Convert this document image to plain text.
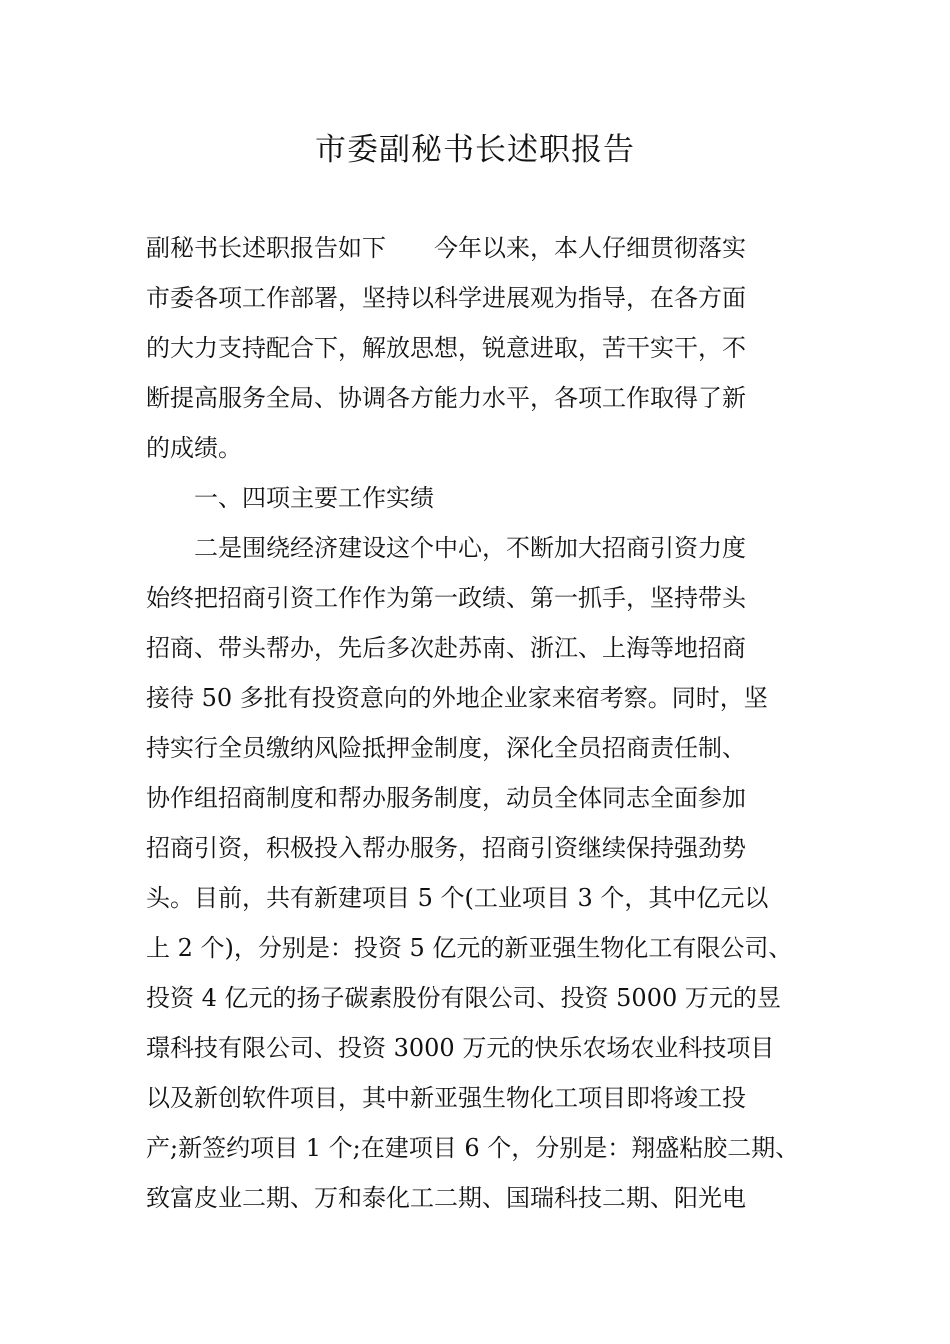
市委副秘书长述职报告
副秘书长述职报告如下　　今年以来，本人仔细贯彻落实
市委各项工作部署，坚持以科学进展观为指导，在各方面
的大力支持配合下，解放思想，锐意进取，苦干实干，不
断提高服务全局、协调各方能力水平，各项工作取得了新
的成绩。
　　一、四项主要工作实绩
　　二是围绕经济建设这个中心，不断加大招商引资力度
始终把招商引资工作作为第一政绩、第一抓手，坚持带头
招商、带头帮办，先后多次赴苏南、浙江、上海等地招商
接待 50 多批有投资意向的外地企业家来宿考察。同时，坚
持实行全员缴纳风险抵押金制度，深化全员招商责任制、
协作组招商制度和帮办服务制度，动员全体同志全面参加
招商引资，积极投入帮办服务，招商引资继续保持强劲势
头。目前，共有新建项目 5 个(工业项目 3 个，其中亿元以
上 2 个)，分别是：投资 5 亿元的新亚强生物化工有限公司、
投资 4 亿元的扬子碳素股份有限公司、投资 5000 万元的昱
璟科技有限公司、投资 3000 万元的快乐农场农业科技项目
以及新创软件项目，其中新亚强生物化工项目即将竣工投
产;新签约项目 1 个;在建项目 6 个，分别是：翔盛粘胶二期、
致富皮业二期、万和泰化工二期、国瑞科技二期、阳光电
